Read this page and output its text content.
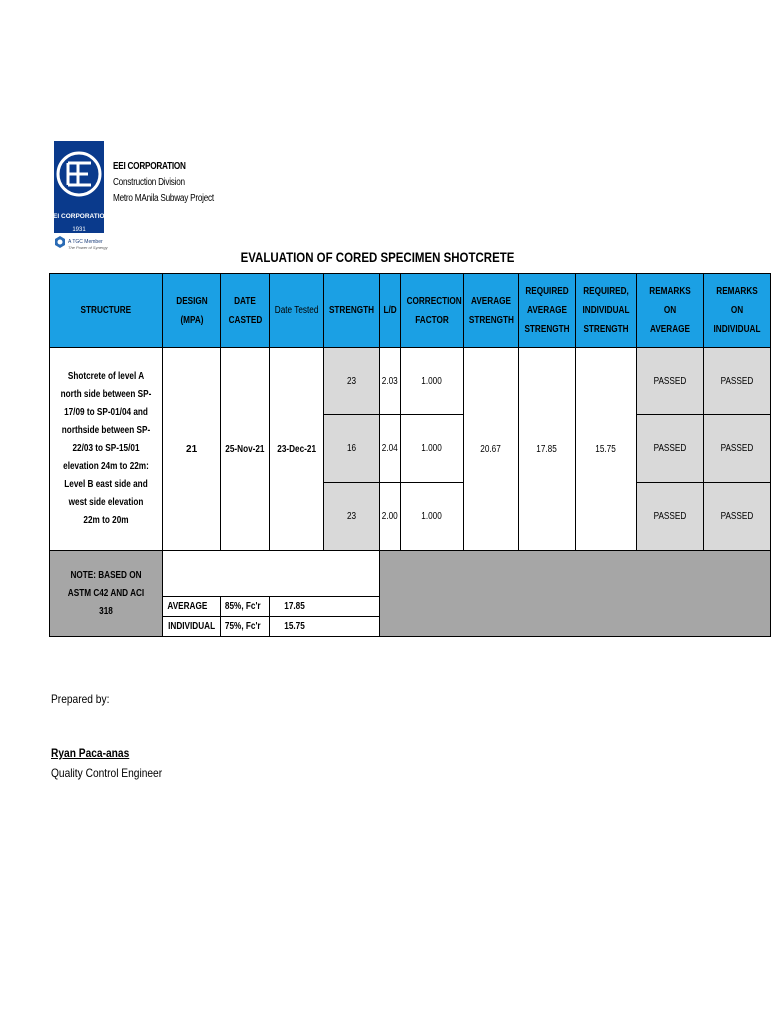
EEI CORPORATION
1931
A TGC Member
The Power of Synergy
EEI CORPORATION
Construction Division
Metro MAnila Subway Project
EVALUATION OF CORED SPECIMEN SHOTCRETE
STRUCTURE	DESIGN (MPA)	DATE CASTED	Date Tested	STRENGTH	L/D	CORRECTION FACTOR	AVERAGE STRENGTH	REQUIRED AVERAGE STRENGTH	REQUIRED, INDIVIDUAL STRENGTH	REMARKS ON AVERAGE	REMARKS ON INDIVIDUAL
Shotcrete of level A north side between SP-17/09 to SP-01/04 and northside between SP-22/03 to SP-15/01 elevation 24m to 22m: Level B east side and west side elevation 22m to 20m	21	25-Nov-21	23-Dec-21	23	2.03	1.000	20.67	17.85	15.75	PASSED	PASSED
				16	2.04	1.000				PASSED	PASSED
				23	2.00	1.000				PASSED	PASSED
NOTE: BASED ON ASTM C42 AND ACI 318											
	AVERAGE	85%, Fc'r	17.85								
	INDIVIDUAL	75%, Fc'r	15.75								
Prepared by:
Ryan Paca-anas
Quality Control Engineer
